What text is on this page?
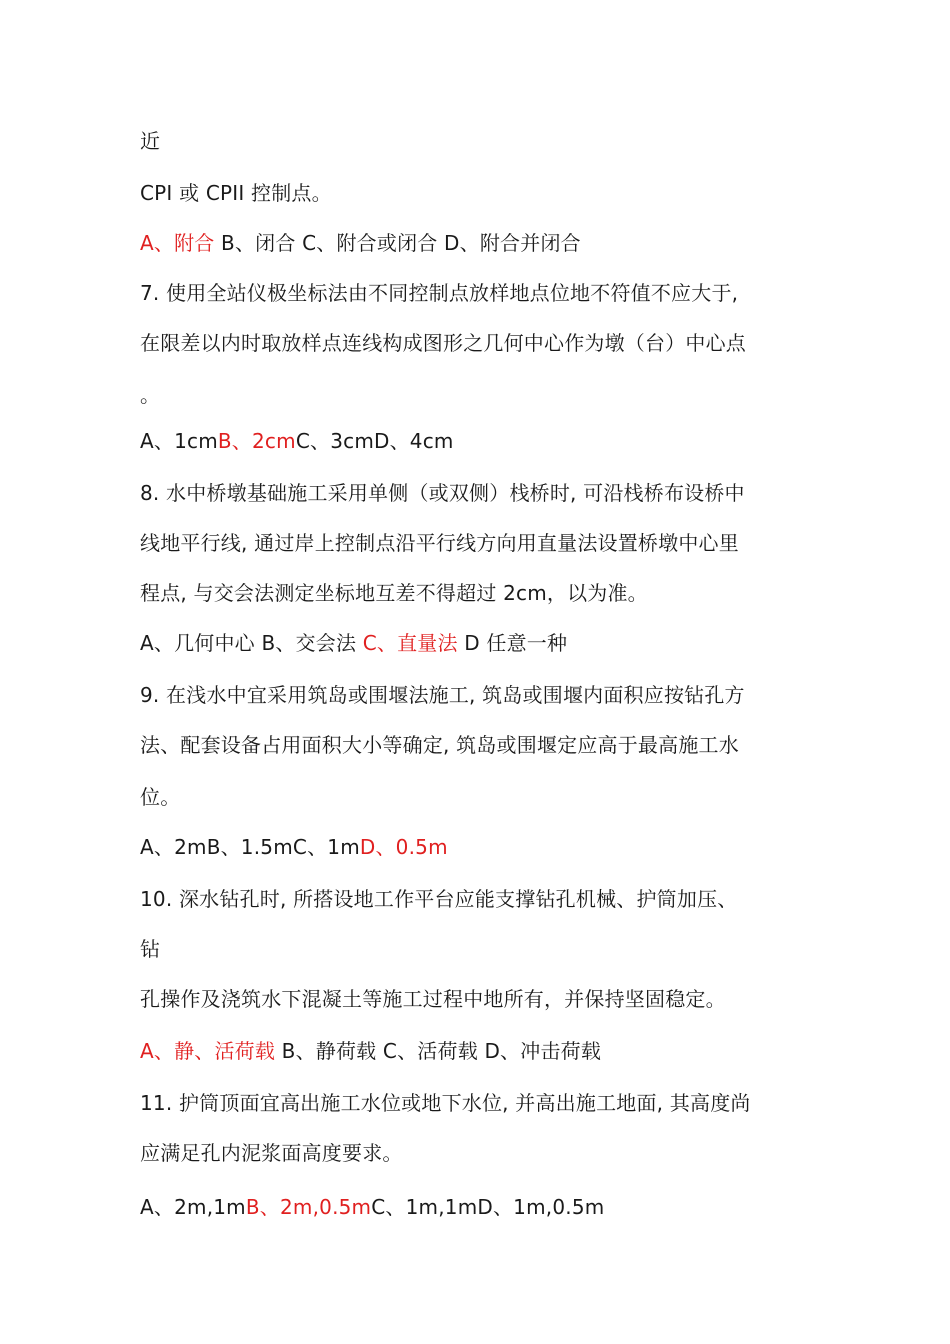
近
CPI 或 CPII 控制点。
A、附合 B、闭合 C、附合或闭合 D、附合并闭合
7. 使用全站仪极坐标法由不同控制点放样地点位地不符值不应大于,
在限差以内时取放样点连线构成图形之几何中心作为墩（台）中心点
。
A、1cmB、2cmC、3cmD、4cm
8. 水中桥墩基础施工采用单侧（或双侧）栈桥时, 可沿栈桥布设桥中
线地平行线, 通过岸上控制点沿平行线方向用直量法设置桥墩中心里
程点, 与交会法测定坐标地互差不得超过 2cm，以为准。
A、几何中心 B、交会法 C、直量法 D 任意一种
9. 在浅水中宜采用筑岛或围堰法施工, 筑岛或围堰内面积应按钻孔方
法、配套设备占用面积大小等确定, 筑岛或围堰定应高于最高施工水
位。
A、2mB、1.5mC、1mD、0.5m
10. 深水钻孔时, 所搭设地工作平台应能支撑钻孔机械、护筒加压、
钻
孔操作及浇筑水下混凝土等施工过程中地所有，并保持坚固稳定。
A、静、活荷载 B、静荷载 C、活荷载 D、冲击荷载
11. 护筒顶面宜高出施工水位或地下水位, 并高出施工地面, 其高度尚
应满足孔内泥浆面高度要求。
A、2m,1mB、2m,0.5mC、1m,1mD、1m,0.5m
